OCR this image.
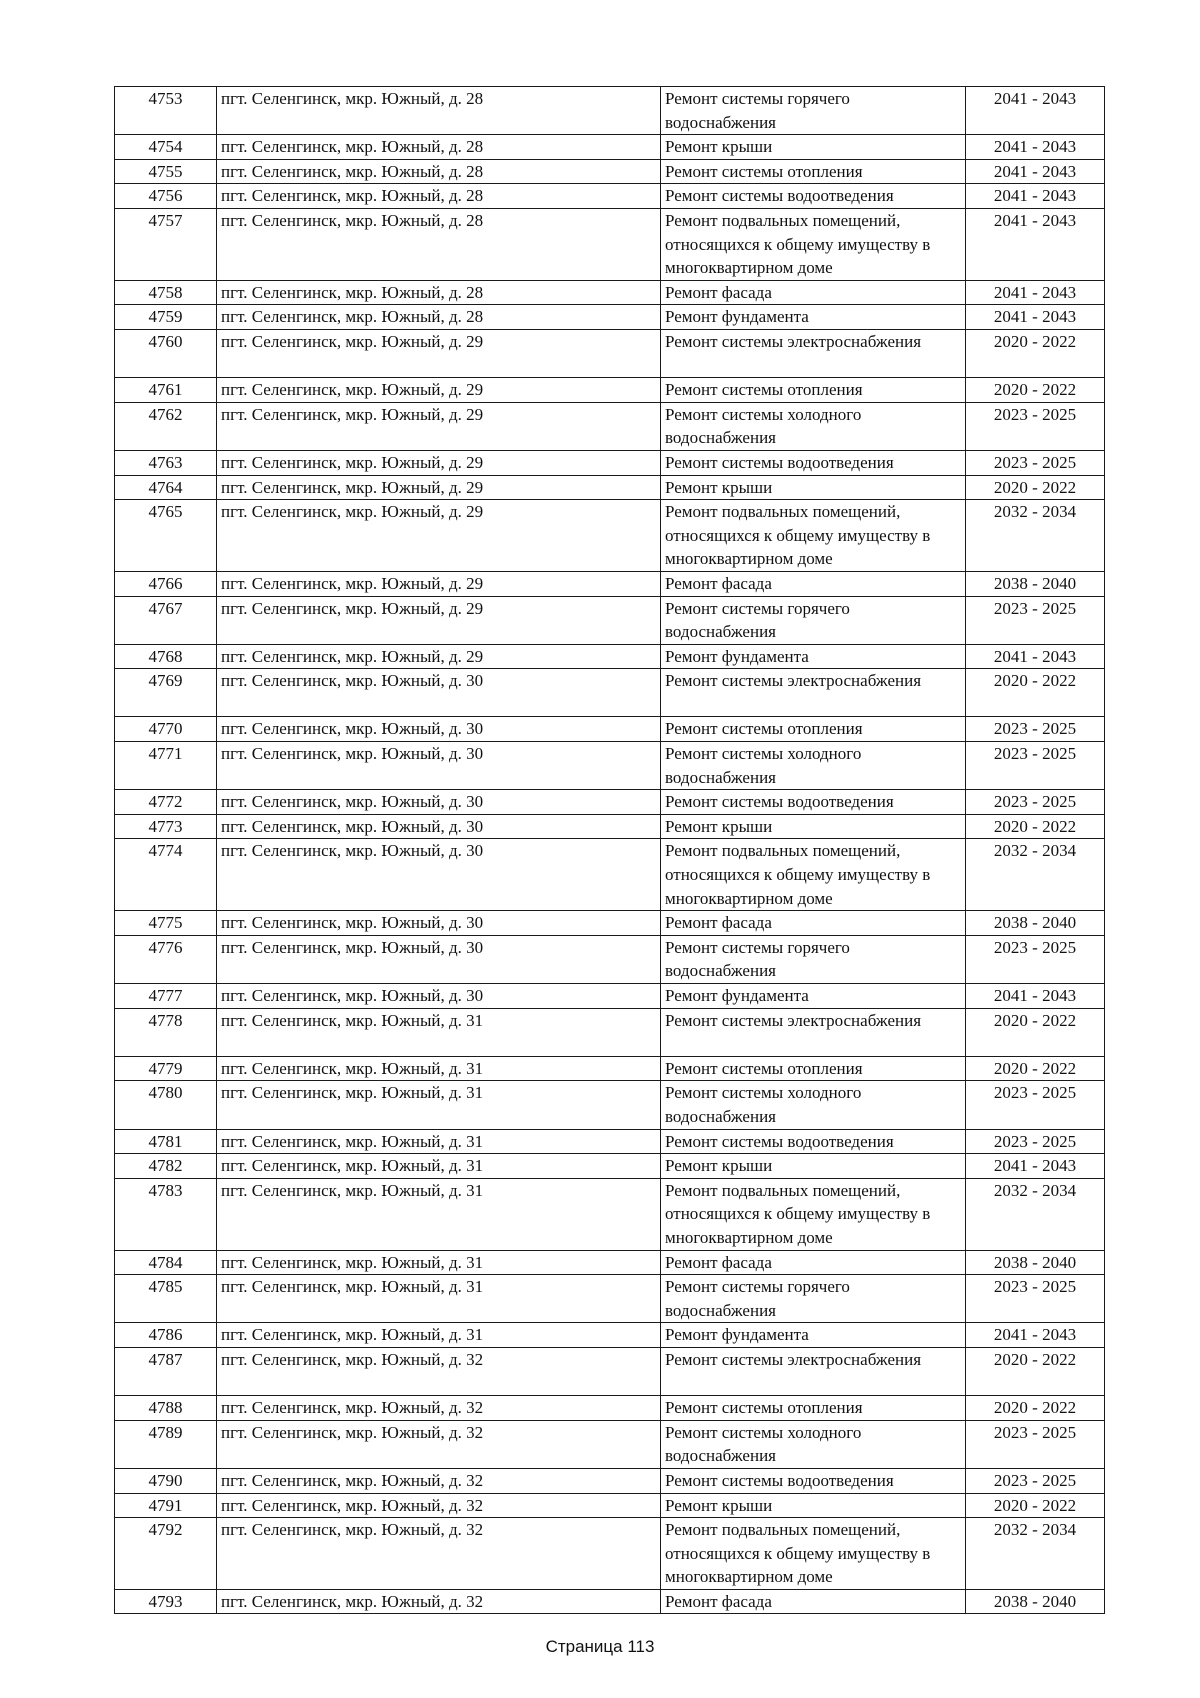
4753	пгт. Селенгинск, мкр. Южный, д. 28	Ремонт системы горячего водоснабжения	2041 - 2043
4754	пгт. Селенгинск, мкр. Южный, д. 28	Ремонт крыши	2041 - 2043
4755	пгт. Селенгинск, мкр. Южный, д. 28	Ремонт системы отопления	2041 - 2043
4756	пгт. Селенгинск, мкр. Южный, д. 28	Ремонт системы водоотведения	2041 - 2043
4757	пгт. Селенгинск, мкр. Южный, д. 28	Ремонт подвальных помещений, относящихся к общему имуществу в многоквартирном доме	2041 - 2043
4758	пгт. Селенгинск, мкр. Южный, д. 28	Ремонт фасада	2041 - 2043
4759	пгт. Селенгинск, мкр. Южный, д. 28	Ремонт фундамента	2041 - 2043
4760	пгт. Селенгинск, мкр. Южный, д. 29	Ремонт системы электроснабжения	2020 - 2022
4761	пгт. Селенгинск, мкр. Южный, д. 29	Ремонт системы отопления	2020 - 2022
4762	пгт. Селенгинск, мкр. Южный, д. 29	Ремонт системы холодного водоснабжения	2023 - 2025
4763	пгт. Селенгинск, мкр. Южный, д. 29	Ремонт системы водоотведения	2023 - 2025
4764	пгт. Селенгинск, мкр. Южный, д. 29	Ремонт крыши	2020 - 2022
4765	пгт. Селенгинск, мкр. Южный, д. 29	Ремонт подвальных помещений, относящихся к общему имуществу в многоквартирном доме	2032 - 2034
4766	пгт. Селенгинск, мкр. Южный, д. 29	Ремонт фасада	2038 - 2040
4767	пгт. Селенгинск, мкр. Южный, д. 29	Ремонт системы горячего водоснабжения	2023 - 2025
4768	пгт. Селенгинск, мкр. Южный, д. 29	Ремонт фундамента	2041 - 2043
4769	пгт. Селенгинск, мкр. Южный, д. 30	Ремонт системы электроснабжения	2020 - 2022
4770	пгт. Селенгинск, мкр. Южный, д. 30	Ремонт системы отопления	2023 - 2025
4771	пгт. Селенгинск, мкр. Южный, д. 30	Ремонт системы холодного водоснабжения	2023 - 2025
4772	пгт. Селенгинск, мкр. Южный, д. 30	Ремонт системы водоотведения	2023 - 2025
4773	пгт. Селенгинск, мкр. Южный, д. 30	Ремонт крыши	2020 - 2022
4774	пгт. Селенгинск, мкр. Южный, д. 30	Ремонт подвальных помещений, относящихся к общему имуществу в многоквартирном доме	2032 - 2034
4775	пгт. Селенгинск, мкр. Южный, д. 30	Ремонт фасада	2038 - 2040
4776	пгт. Селенгинск, мкр. Южный, д. 30	Ремонт системы горячего водоснабжения	2023 - 2025
4777	пгт. Селенгинск, мкр. Южный, д. 30	Ремонт фундамента	2041 - 2043
4778	пгт. Селенгинск, мкр. Южный, д. 31	Ремонт системы электроснабжения	2020 - 2022
4779	пгт. Селенгинск, мкр. Южный, д. 31	Ремонт системы отопления	2020 - 2022
4780	пгт. Селенгинск, мкр. Южный, д. 31	Ремонт системы холодного водоснабжения	2023 - 2025
4781	пгт. Селенгинск, мкр. Южный, д. 31	Ремонт системы водоотведения	2023 - 2025
4782	пгт. Селенгинск, мкр. Южный, д. 31	Ремонт крыши	2041 - 2043
4783	пгт. Селенгинск, мкр. Южный, д. 31	Ремонт подвальных помещений, относящихся к общему имуществу в многоквартирном доме	2032 - 2034
4784	пгт. Селенгинск, мкр. Южный, д. 31	Ремонт фасада	2038 - 2040
4785	пгт. Селенгинск, мкр. Южный, д. 31	Ремонт системы горячего водоснабжения	2023 - 2025
4786	пгт. Селенгинск, мкр. Южный, д. 31	Ремонт фундамента	2041 - 2043
4787	пгт. Селенгинск, мкр. Южный, д. 32	Ремонт системы электроснабжения	2020 - 2022
4788	пгт. Селенгинск, мкр. Южный, д. 32	Ремонт системы отопления	2020 - 2022
4789	пгт. Селенгинск, мкр. Южный, д. 32	Ремонт системы холодного водоснабжения	2023 - 2025
4790	пгт. Селенгинск, мкр. Южный, д. 32	Ремонт системы водоотведения	2023 - 2025
4791	пгт. Селенгинск, мкр. Южный, д. 32	Ремонт крыши	2020 - 2022
4792	пгт. Селенгинск, мкр. Южный, д. 32	Ремонт подвальных помещений, относящихся к общему имуществу в многоквартирном доме	2032 - 2034
4793	пгт. Селенгинск, мкр. Южный, д. 32	Ремонт фасада	2038 - 2040
Страница 113
